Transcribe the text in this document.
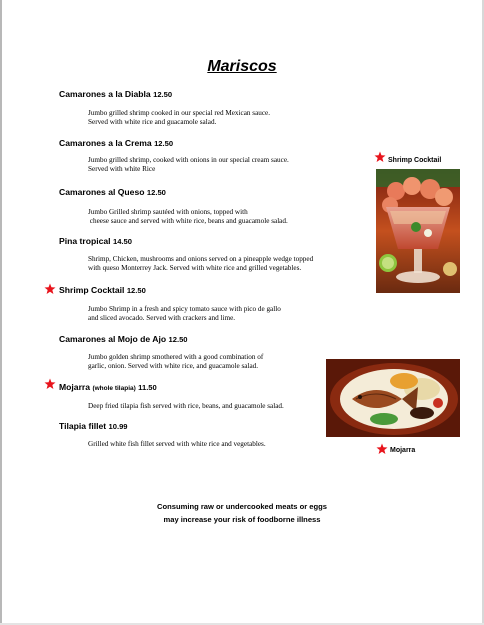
Mariscos
Camarones a la Diabla 12.50
Jumbo grilled shrimp cooked in our special red Mexican sauce.
Served with white rice and guacamole salad.
Camarones a la Crema 12.50
Jumbo grilled shrimp, cooked with onions in our special cream sauce.
Served with white Rice
Camarones al Queso 12.50
Jumbo Grilled shrimp sautéed with onions, topped with
cheese sauce and served with white rice, beans and guacamole salad.
Pina tropical 14.50
Shrimp, Chicken, mushrooms and onions served on a pineapple wedge topped
with queso Monterrey Jack. Served with white rice and grilled vegetables.
Shrimp Cocktail 12.50
Jumbo Shrimp in a fresh and spicy tomato sauce with pico de gallo
and sliced avocado. Served with crackers and lime.
Camarones al Mojo de Ajo 12.50
Jumbo golden shrimp smothered with a good combination of
garlic, onion. Served with white rice, and guacamole salad.
Mojarra (whole tilapia) 11.50
Deep fried tilapia fish served with rice, beans, and guacamole salad.
Tilapia fillet 10.99
Grilled white fish fillet served with white rice and vegetables.
Shrimp Cocktail
Mojarra
Consuming raw or undercooked meats or eggs
may increase your risk of foodborne illness
